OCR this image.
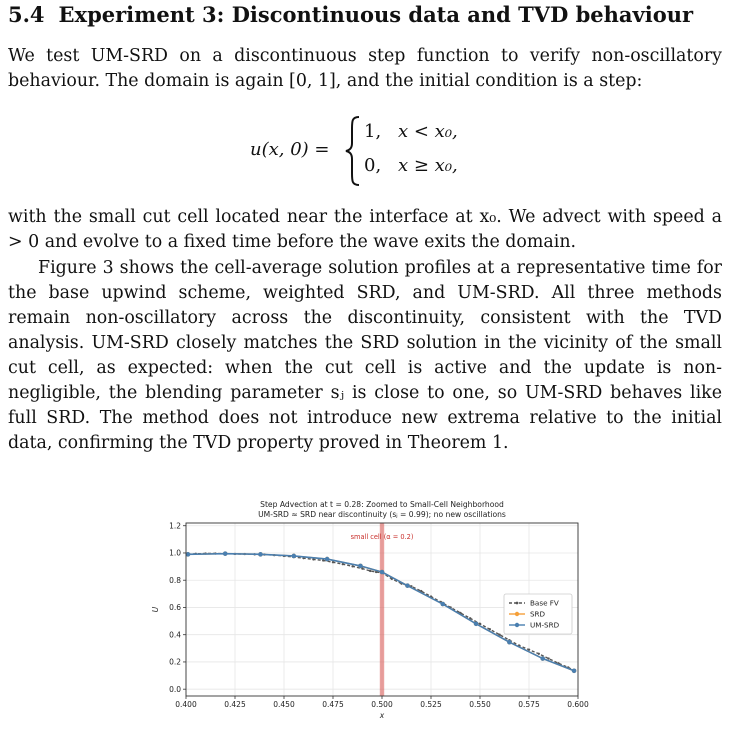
5.4 Experiment 3: Discontinuous data and TVD behaviour

We test UM-SRD on a discontinuous step function to verify non-oscillatory behaviour. The domain is again [0, 1], and the initial condition is a step:

u(x, 0) =
1, x < x₀,
0, x ≥ x₀,

with the small cut cell located near the interface at x₀. We advect with speed a > 0 and evolve to a fixed time before the wave exits the domain.

Figure 3 shows the cell-average solution profiles at a representative time for the base upwind scheme, weighted SRD, and UM-SRD. All three methods remain non-oscillatory across the discontinuity, consistent with the TVD analysis. UM-SRD closely matches the SRD solution in the vicinity of the small cut cell, as expected: when the cut cell is active and the update is non-negligible, the blending parameter sⱼ is close to one, so UM-SRD behaves like full SRD. The method does not introduce new extrema relative to the initial data, confirming the TVD property proved in Theorem 1.

Step Advection at t = 0.28: Zoomed to Small-Cell Neighborhood
UM-SRD ≈ SRD near discontinuity (sⱼ = 0.99); no new oscillations
0.400	0.425	0.450	0.475	0.500	0.525	0.550	0.575	0.600
0.0
0.2
0.4
0.6
0.8
1.0
1.2
small cell (α = 0.2)
x
U
Base FV
SRD
UM-SRD
